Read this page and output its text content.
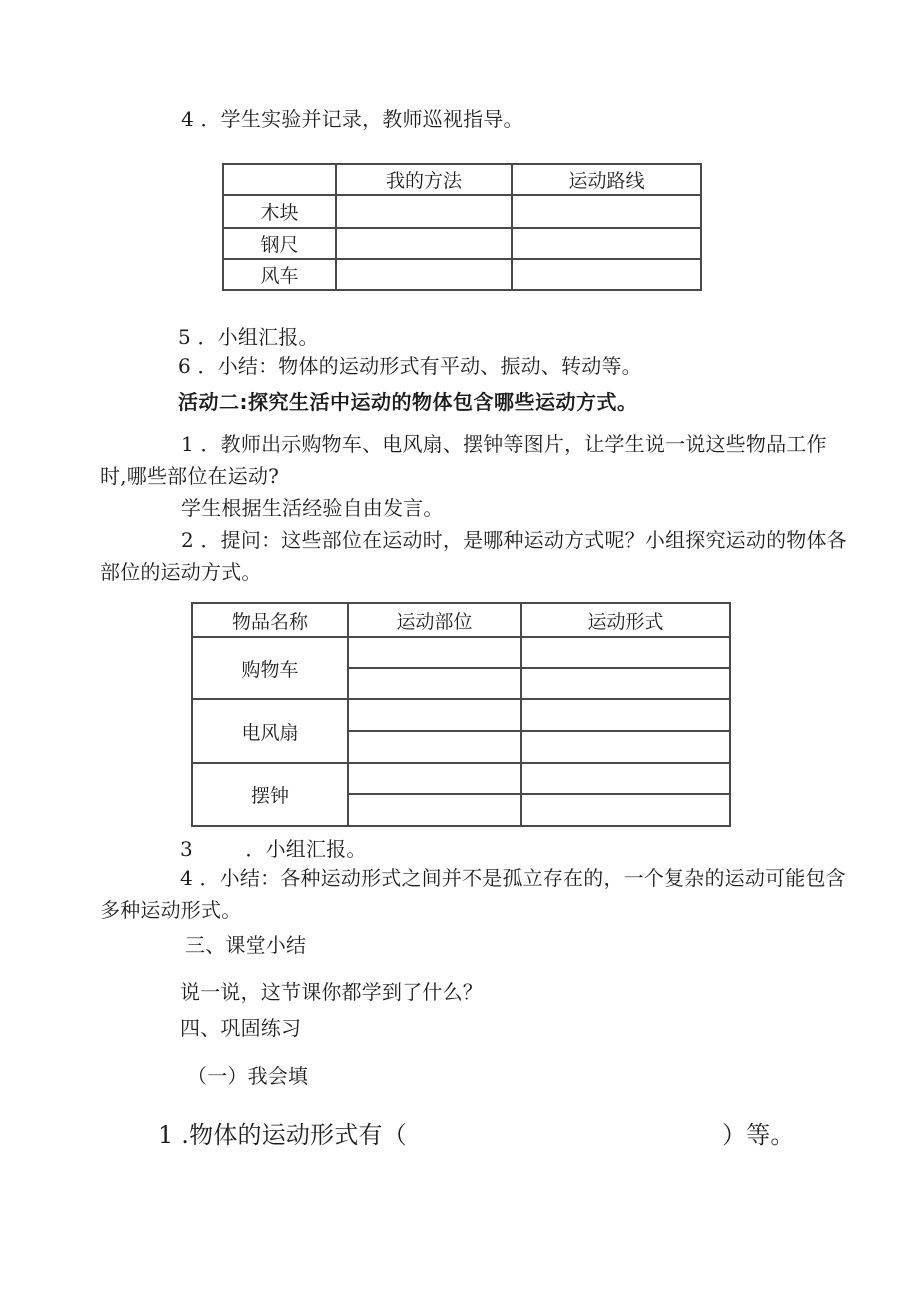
4 ．学生实验并记录，教师巡视指导。
	我的方法	运动路线
木块		
钢尺		
风车		
5 ．小组汇报。
6 ．小结：物体的运动形式有平动、振动、转动等。
活动二:探究生活中运动的物体包含哪些运动方式。
1 ．教师出示购物车、电风扇、摆钟等图片，让学生说一说这些物品工作
时,哪些部位在运动?
学生根据生活经验自由发言。
2 ．提问：这些部位在运动时，是哪种运动方式呢？小组探究运动的物体各
部位的运动方式。
物品名称	运动部位	运动形式
购物车		

电风扇		

摆钟		

3        ．小组汇报。
4 ．小结：各种运动形式之间并不是孤立存在的，一个复杂的运动可能包含
多种运动形式。
三、课堂小结
说一说，这节课你都学到了什么？
四、巩固练习
（一）我会填
1 .物体的运动形式有（	）等。
